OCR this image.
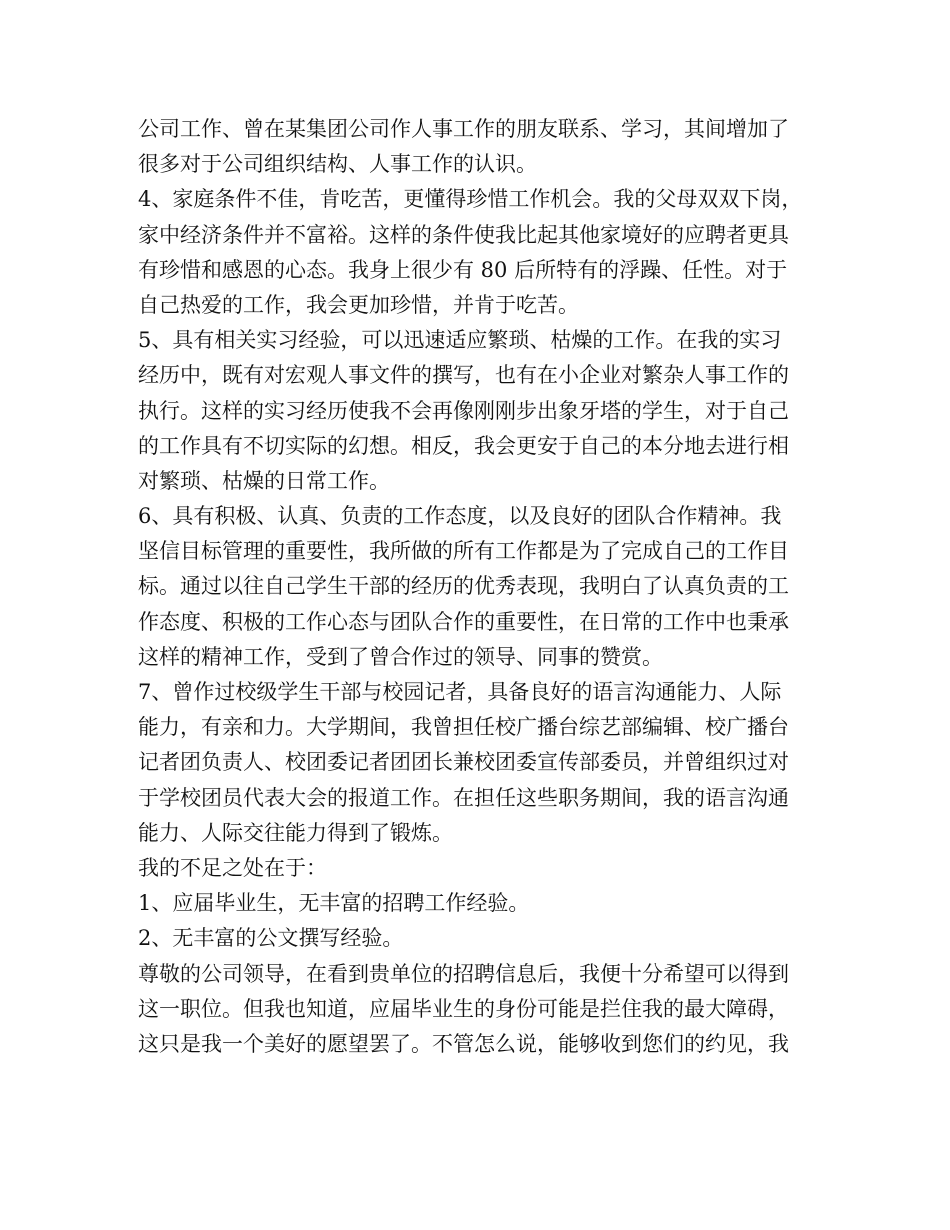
公司工作、曾在某集团公司作人事工作的朋友联系、学习，其间增加了

很多对于公司组织结构、人事工作的认识。

4、家庭条件不佳，肯吃苦，更懂得珍惜工作机会。我的父母双双下岗，

家中经济条件并不富裕。这样的条件使我比起其他家境好的应聘者更具

有珍惜和感恩的心态。我身上很少有 80 后所特有的浮躁、任性。对于

自己热爱的工作，我会更加珍惜，并肯于吃苦。

5、具有相关实习经验，可以迅速适应繁琐、枯燥的工作。在我的实习

经历中，既有对宏观人事文件的撰写，也有在小企业对繁杂人事工作的

执行。这样的实习经历使我不会再像刚刚步出象牙塔的学生，对于自己

的工作具有不切实际的幻想。相反，我会更安于自己的本分地去进行相

对繁琐、枯燥的日常工作。

6、具有积极、认真、负责的工作态度，以及良好的团队合作精神。我

坚信目标管理的重要性，我所做的所有工作都是为了完成自己的工作目

标。通过以往自己学生干部的经历的优秀表现，我明白了认真负责的工

作态度、积极的工作心态与团队合作的重要性，在日常的工作中也秉承

这样的精神工作，受到了曾合作过的领导、同事的赞赏。

7、曾作过校级学生干部与校园记者，具备良好的语言沟通能力、人际

能力，有亲和力。大学期间，我曾担任校广播台综艺部编辑、校广播台

记者团负责人、校团委记者团团长兼校团委宣传部委员，并曾组织过对

于学校团员代表大会的报道工作。在担任这些职务期间，我的语言沟通

能力、人际交往能力得到了锻炼。

我的不足之处在于：

1、应届毕业生，无丰富的招聘工作经验。

2、无丰富的公文撰写经验。

尊敬的公司领导，在看到贵单位的招聘信息后，我便十分希望可以得到

这一职位。但我也知道，应届毕业生的身份可能是拦住我的最大障碍，

这只是我一个美好的愿望罢了。不管怎么说，能够收到您们的约见，我
